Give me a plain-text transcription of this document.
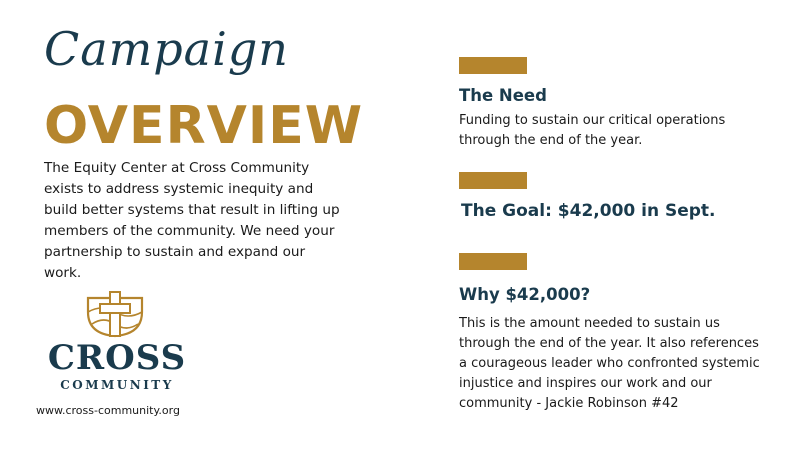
Campaign
OVERVIEW

The Equity Center at Cross Community exists to address systemic inequity and build better systems that result in lifting up members of the community. We need your partnership to sustain and expand our work.

CROSS
COMMUNITY
www.cross-community.org
The Need

Funding to sustain our critical operations through the end of the year.

The Goal: $42,000 in Sept.
Why $42,000?

This is the amount needed to sustain us through the end of the year. It also references a courageous leader who confronted systemic injustice and inspires our work and our community - Jackie Robinson #42
